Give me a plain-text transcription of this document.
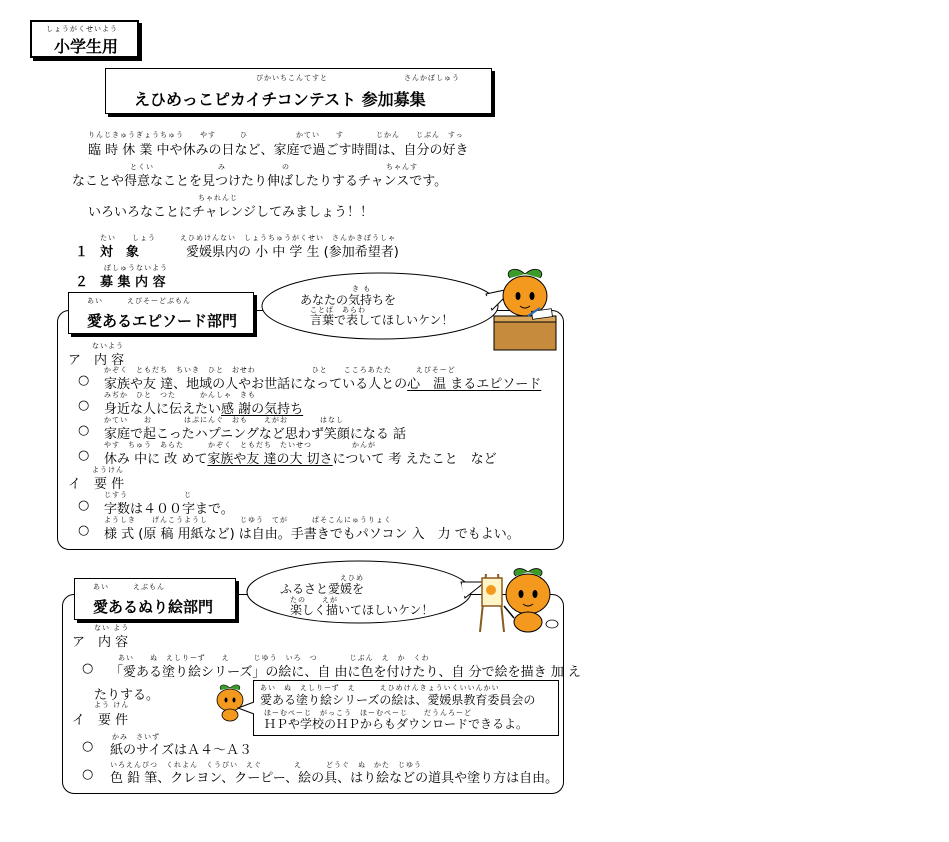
しょうがくせいよう
小学生用
ぴかいちこんてすと	さんかぼしゅう
えひめっこピカイチコンテスト 参加募集
りんじきゅうぎょうちゅう　　やす　　　ひ　　　　　　かてい　　す　　　　じかん　　じぶん　すっ
臨 時 休 業 中や休みの日など、家庭で過ごす時間は、自分の好き
とくい　　　　　　　　み　　　　　　　の　　　　　　　　　　　　ちゃんす
なことや得意なことを見つけたり伸ばしたりするチャンスです。
ちゃれんじ
いろいろなことにチャレンジしてみましょう！！
たい　　しょう　　　えひめけんない　しょうちゅうがくせい　さんかきぼうしゃ
１ 対　象	愛媛県内の 小 中 学 生 (参加希望者)
ぼしゅうないよう
２ 募 集 内 容
あい　　　えぴそーどぶもん
愛あるエピソード部門
き も
あなたの気持ちを
ことば　あらわ
言葉で表してほしいケン！
ないよう
ア　内 容
かぞく　ともだち　ちいき　ひと　おせわ　　　　　　　ひと　　こころあたた　　　えぴそーど
○ 家族や友 達、地域の人やお世話になっている人との心　温 まるエピソード
みぢか　ひと　つた　　　かんしゃ　きも
○ 身近な人に伝えたい感 謝の気持ち
かてい　　お　　　　はぷにんぐ　おも　　えがお　　　　はなし
○ 家庭で起こったハプニングなど思わず笑顔になる 話
やす　ちゅう　あらた　　　かぞく　ともだち　たいせつ　　　　　かんが
○ 休み 中に 改 めて家族や友 達の大 切さについて 考 えたこと　など
ようけん
イ　要 件
じすう　　　　　　　じ
○ 字数は４００字まで。
ようしき　　げんこうようし　　　　じゆう　てが　　　ぱそこんにゅうりょく
○ 様 式 (原 稿 用紙など) は自由。手書きでもパソコン 入　力 でもよい。
あい　　　えぶもん
愛あるぬり絵部門
えひめ
ふるさと愛媛を
たの　　えが
楽しく描いてほしいケン！
ない よう
ア　内 容
あい　　ぬ　えしりーず　　え　　　じゆう　いろ　つ　　　　じぶん　え　か　くわ
○ 「愛ある塗り絵シリーズ」の絵に、自 由に色を付けたり、自 分で絵を描き 加 え
たりする。
よう けん
イ　要 件
かみ　さいず
○ 紙のサイズはＡ４～Ａ３
いろえんぴつ　くれよん　くうぴい　えぐ　　　　え　　　どうぐ　ぬ　かた　じゆう
○ 色 鉛 筆、クレヨン、クーピー、絵の具、はり絵などの道具や塗り方は自由。
あい　ぬ　えしりーず　え　　　えひめけんきょういくいいんかい
愛ある塗り絵シリーズの絵は、愛媛県教育委員会の
ほーむぺーじ　がっこう　ほーむぺーじ　　だうんろーど
ＨＰや学校のＨＰからもダウンロードできるよ。
